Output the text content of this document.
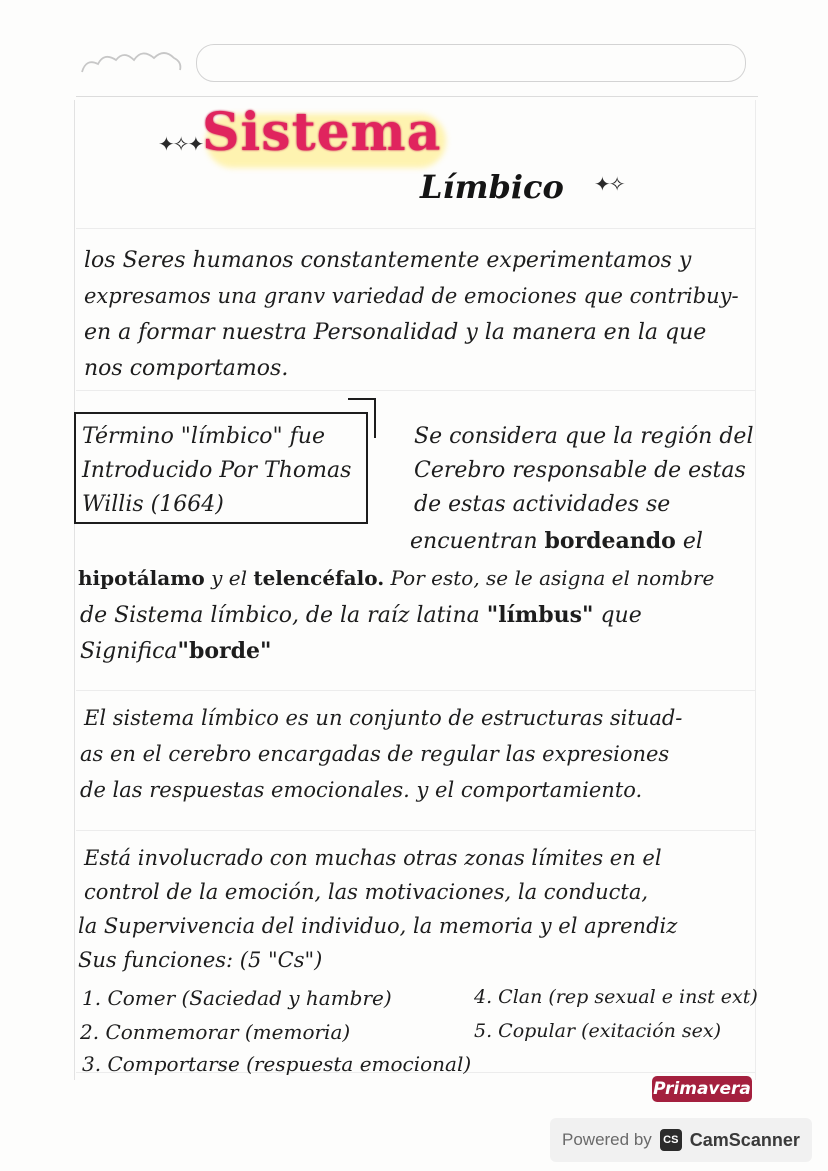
✦✧✦ Sistema
Límbico ✦✧

los Seres humanos constantemente experimentamos y

expresamos una granv variedad de emociones que contribuy-

en a formar nuestra Personalidad y la manera en la que

nos comportamos.

Término "límbico" fue
Introducido Por Thomas
Willis (1664)

Se considera que la región del

Cerebro responsable de estas

de estas actividades se

encuentran bordeando el

hipotálamo y el telencéfalo. Por esto, se le asigna el nombre

de Sistema límbico, de la raíz latina "límbus" que

Significa"borde"

El sistema límbico es un conjunto de estructuras situad-

as en el cerebro encargadas de regular las expresiones

de las respuestas emocionales. y el comportamiento.

Está involucrado con muchas otras zonas límites en el

control de la emoción, las motivaciones, la conducta,

la Supervivencia del individuo, la memoria y el aprendiz

Sus funciones: (5 "Cs")

1. Comer (Saciedad y hambre)
2. Conmemorar (memoria)
3. Comportarse (respuesta emocional)
4. Clan (rep sexual e inst ext)
5. Copular (exitación sex)
Primavera
Powered by	CS CamScanner
